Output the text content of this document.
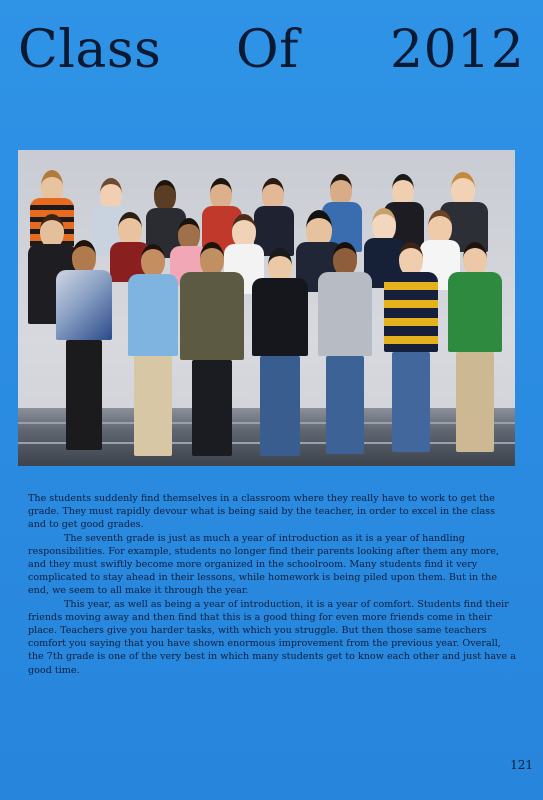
Class Of 2012

The students suddenly find themselves in a classroom where they really have to work to get the grade. They must rapidly devour what is being said by the teacher, in order to excel in the class and to get good grades.

The seventh grade is just as much a year of introduction as it is a year of handling responsibilities. For example, students no longer find their parents looking after them any more, and they must swiftly become more organized in the schoolroom. Many students find it very complicated to stay ahead in their lessons, while homework is being piled upon them. But in the end, we seem to all make it through the year.

This year, as well as being a year of introduction, it is a year of comfort. Students find their friends moving away and then find that this is a good thing for even more friends come in their place. Teachers give you harder tasks, with which you struggle. But then those same teachers comfort you saying that you have shown enormous improvement from the previous year. Overall, the 7th grade is one of the very best in which many students get to know each other and just have a good time.

121
